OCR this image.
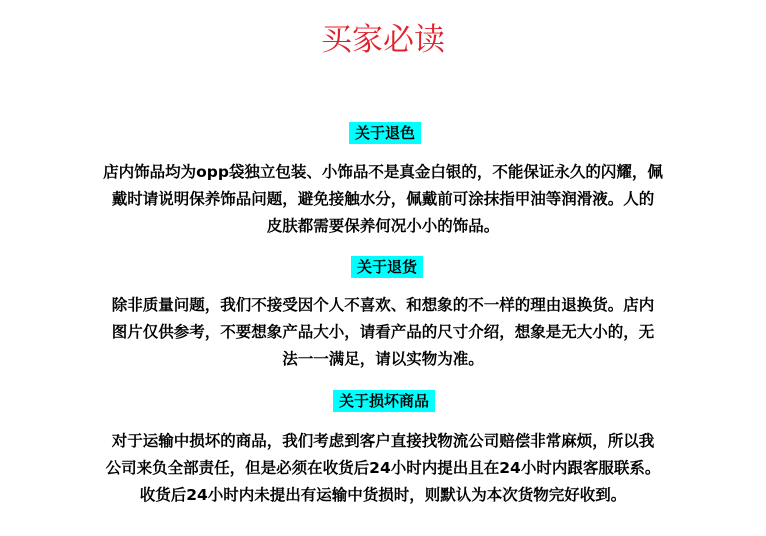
买家必读
关于退色
店内饰品均为opp袋独立包装、小饰品不是真金白银的，不能保证永久的闪耀，佩
戴时请说明保养饰品问题，避免接触水分，佩戴前可涂抹指甲油等润滑液。人的
皮肤都需要保养何况小小的饰品。
关于退货
除非质量问题，我们不接受因个人不喜欢、和想象的不一样的理由退换货。店内
图片仅供参考，不要想象产品大小，请看产品的尺寸介绍，想象是无大小的，无
法一一满足，请以实物为准。
关于损坏商品
对于运输中损坏的商品，我们考虑到客户直接找物流公司赔偿非常麻烦，所以我
公司来负全部责任，但是必须在收货后24小时内提出且在24小时内跟客服联系。
收货后24小时内未提出有运输中货损时，则默认为本次货物完好收到。
